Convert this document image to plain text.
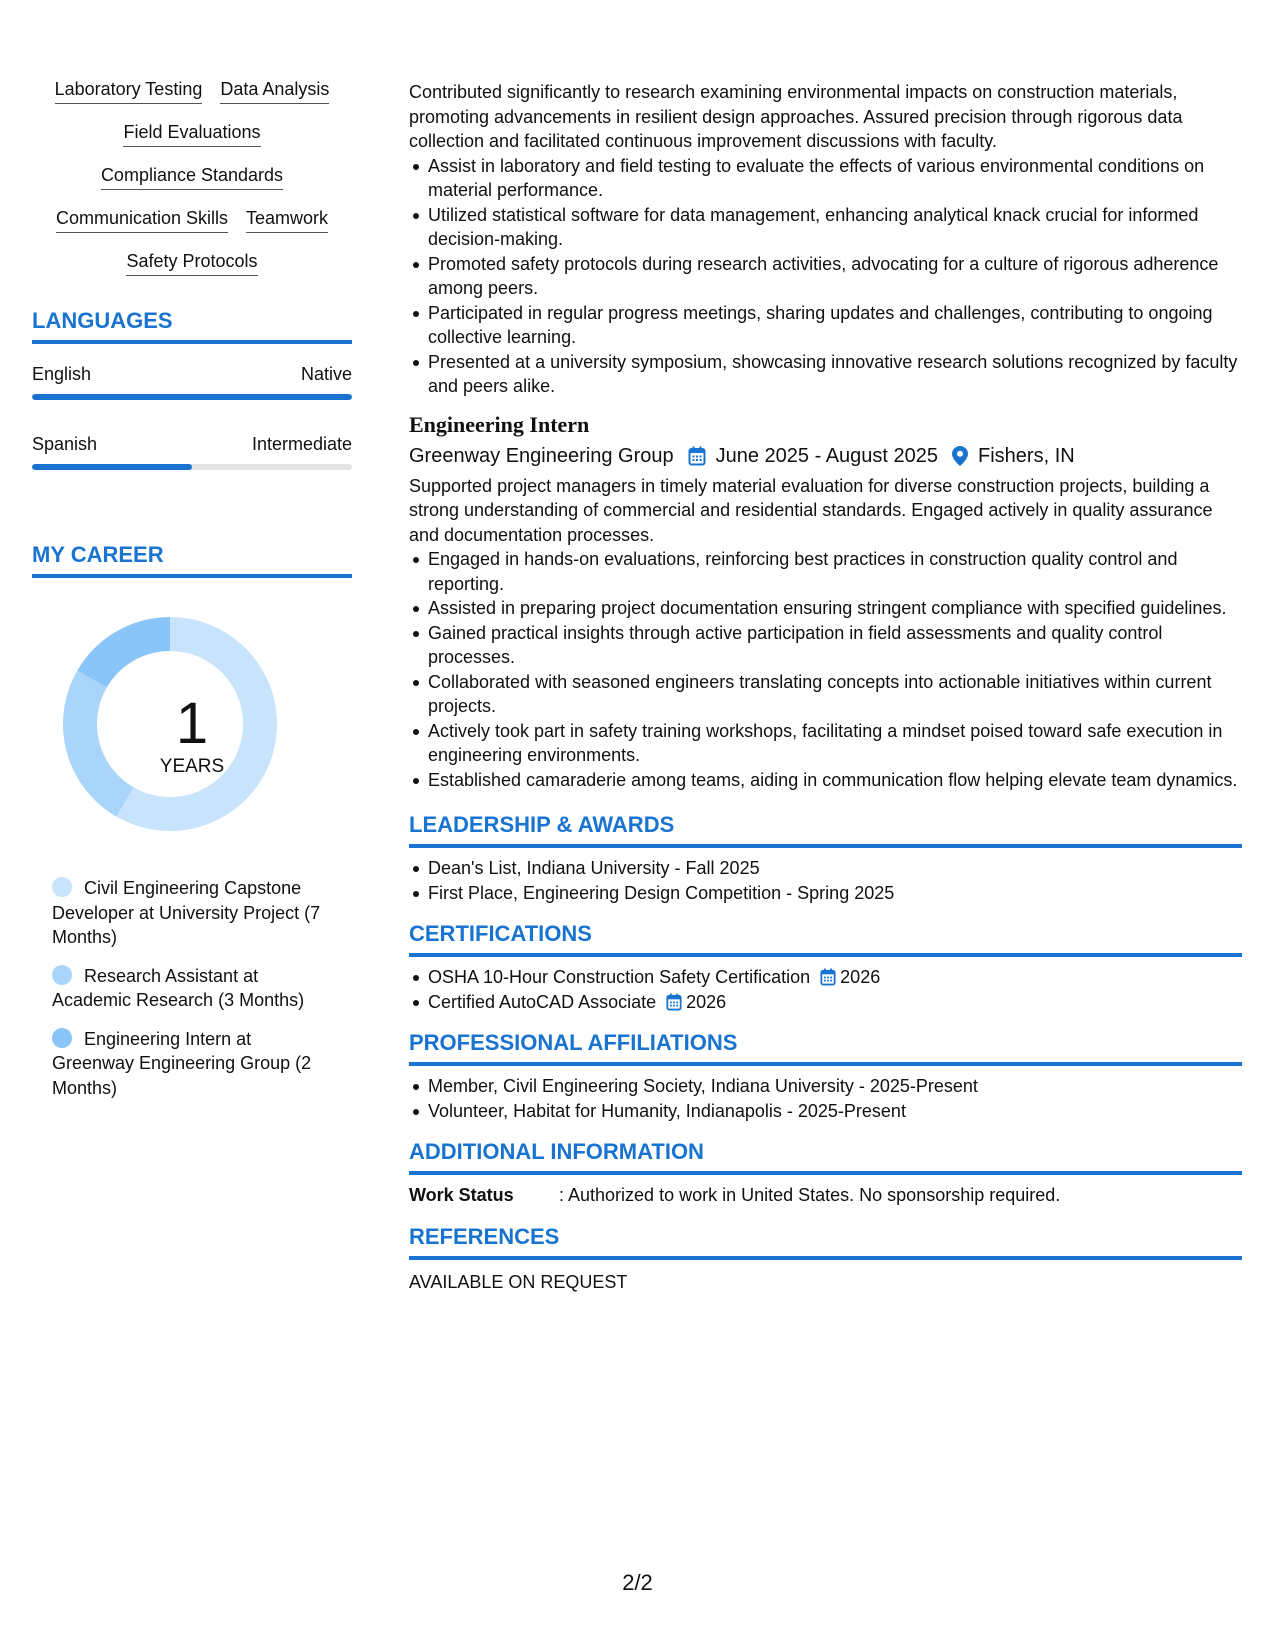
Laboratory Testing Data Analysis
Field Evaluations
Compliance Standards
Communication Skills Teamwork
Safety Protocols
LANGUAGES
English	Native
Spanish	Intermediate
MY CAREER
1
YEARS
Civil Engineering Capstone Developer at University Project (7 Months)
Research Assistant at Academic Research (3 Months)
Engineering Intern at Greenway Engineering Group (2 Months)

Contributed significantly to research examining environmental impacts on construction materials, promoting advancements in resilient design approaches. Assured precision through rigorous data collection and facilitated continuous improvement discussions with faculty.

Assist in laboratory and field testing to evaluate the effects of various environmental conditions on material performance.
Utilized statistical software for data management, enhancing analytical knack crucial for informed decision-making.
Promoted safety protocols during research activities, advocating for a culture of rigorous adherence among peers.
Participated in regular progress meetings, sharing updates and challenges, contributing to ongoing collective learning.
Presented at a university symposium, showcasing innovative research solutions recognized by faculty and peers alike.
Engineering Intern
Greenway Engineering Group June 2025 - August 2025 Fishers, IN

Supported project managers in timely material evaluation for diverse construction projects, building a strong understanding of commercial and residential standards. Engaged actively in quality assurance and documentation processes.

Engaged in hands-on evaluations, reinforcing best practices in construction quality control and reporting.
Assisted in preparing project documentation ensuring stringent compliance with specified guidelines.
Gained practical insights through active participation in field assessments and quality control processes.
Collaborated with seasoned engineers translating concepts into actionable initiatives within current projects.
Actively took part in safety training workshops, facilitating a mindset poised toward safe execution in engineering environments.
Established camaraderie among teams, aiding in communication flow helping elevate team dynamics.
LEADERSHIP & AWARDS
Dean's List, Indiana University - Fall 2025
First Place, Engineering Design Competition - Spring 2025
CERTIFICATIONS
OSHA 10-Hour Construction Safety Certification 2026
Certified AutoCAD Associate 2026
PROFESSIONAL AFFILIATIONS
Member, Civil Engineering Society, Indiana University - 2025-Present
Volunteer, Habitat for Humanity, Indianapolis - 2025-Present
ADDITIONAL INFORMATION
Work Status	: Authorized to work in United States. No sponsorship required.
REFERENCES

AVAILABLE ON REQUEST

2/2
